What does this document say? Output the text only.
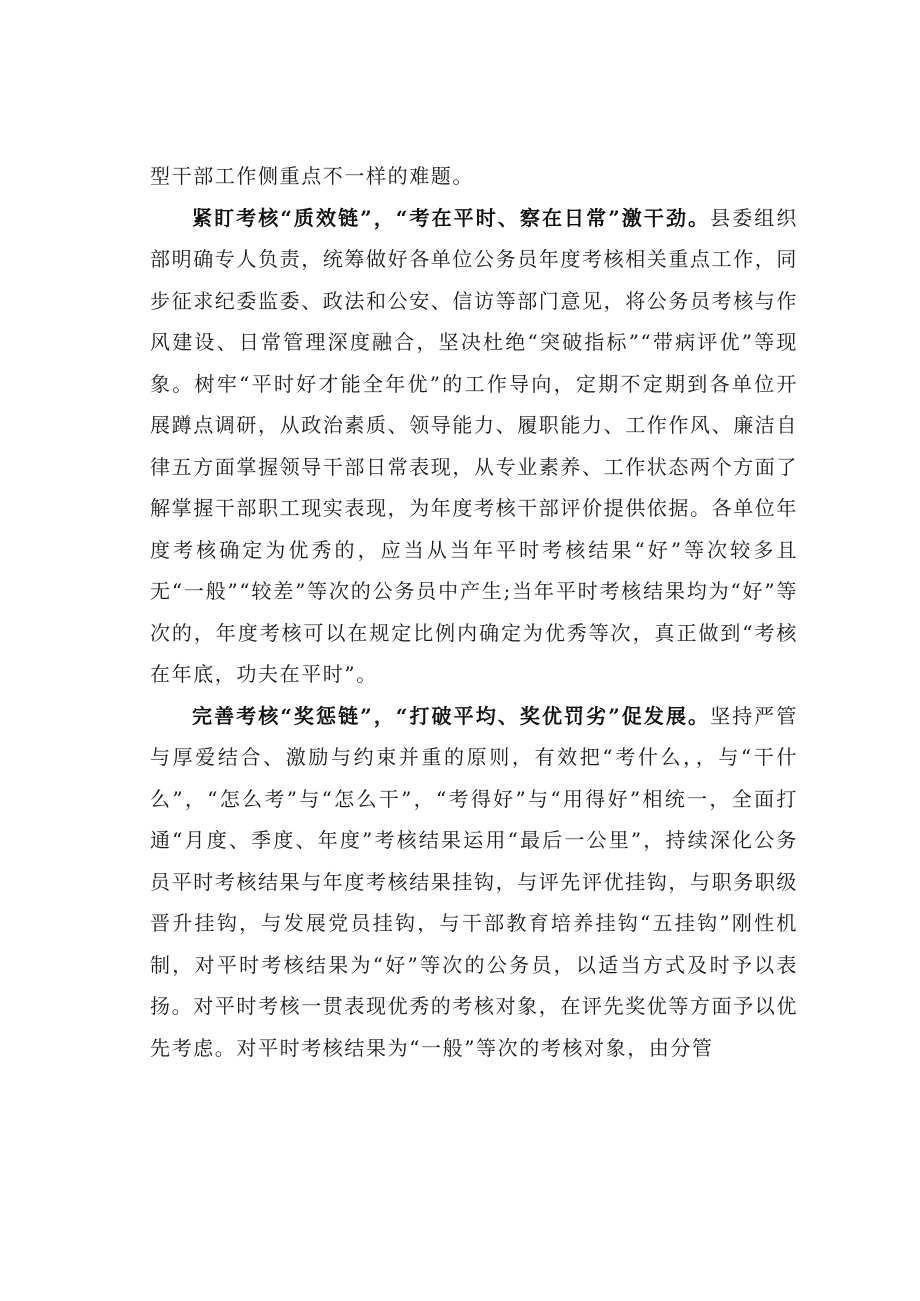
型干部工作侧重点不一样的难题。

紧盯考核“质效链”，“考在平时、察在日常”激干劲。县委组织部明确专人负责，统筹做好各单位公务员年度考核相关重点工作，同步征求纪委监委、政法和公安、信访等部门意见，将公务员考核与作风建设、日常管理深度融合，坚决杜绝“突破指标”“带病评优”等现象。树牢“平时好才能全年优”的工作导向，定期不定期到各单位开展蹲点调研，从政治素质、领导能力、履职能力、工作作风、廉洁自律五方面掌握领导干部日常表现，从专业素养、工作状态两个方面了解掌握干部职工现实表现，为年度考核干部评价提供依据。各单位年度考核确定为优秀的，应当从当年平时考核结果“好”等次较多且无“一般”“较差”等次的公务员中产生;当年平时考核结果均为“好”等次的，年度考核可以在规定比例内确定为优秀等次，真正做到“考核在年底，功夫在平时”。

完善考核“奖惩链”，“打破平均、奖优罚劣”促发展。坚持严管与厚爱结合、激励与约束并重的原则，有效把“考什么，，与“干什么”，“怎么考”与“怎么干”，“考得好”与“用得好”相统一，全面打通“月度、季度、年度”考核结果运用“最后一公里”，持续深化公务员平时考核结果与年度考核结果挂钩，与评先评优挂钩，与职务职级晋升挂钩，与发展党员挂钩，与干部教育培养挂钩“五挂钩”刚性机制，对平时考核结果为“好”等次的公务员，以适当方式及时予以表扬。对平时考核一贯表现优秀的考核对象，在评先奖优等方面予以优先考虑。对平时考核结果为“一般”等次的考核对象，由分管
